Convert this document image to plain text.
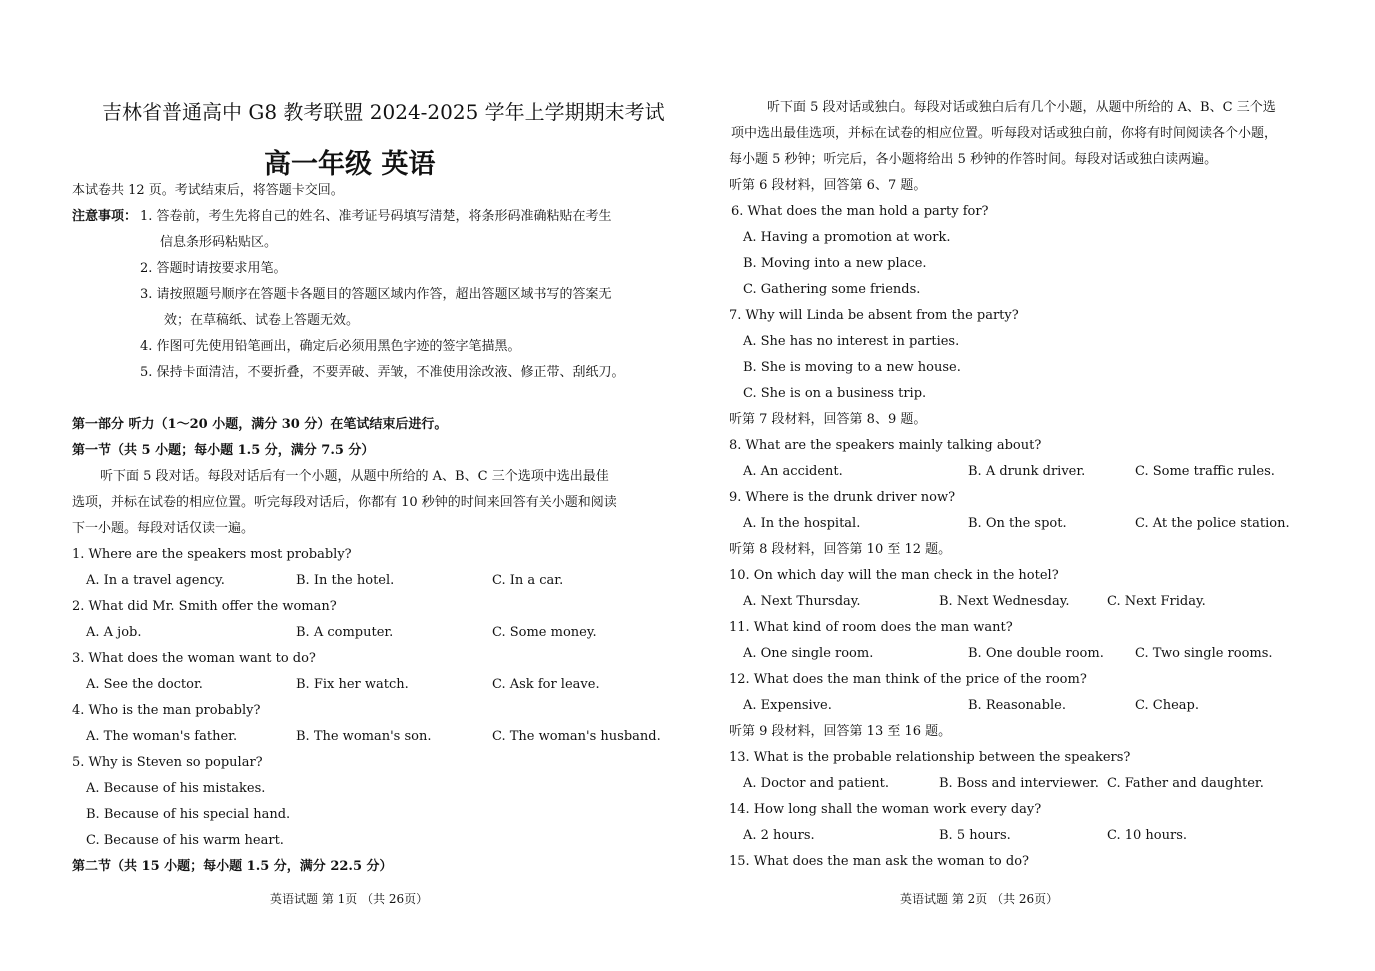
吉林省普通高中 G8 教考联盟 2024-2025 学年上学期期末考试
高一年级 英语
本试卷共 12 页。考试结束后，将答题卡交回。
注意事项： 1. 答卷前，考生先将自己的姓名、准考证号码填写清楚，将条形码准确粘贴在考生
信息条形码粘贴区。
2. 答题时请按要求用笔。
3. 请按照题号顺序在答题卡各题目的答题区域内作答，超出答题区域书写的答案无
效；在草稿纸、试卷上答题无效。
4. 作图可先使用铅笔画出，确定后必须用黑色字迹的签字笔描黑。
5. 保持卡面清洁，不要折叠，不要弄破、弄皱，不准使用涂改液、修正带、刮纸刀。
第一部分 听力（1～20 小题，满分 30 分）在笔试结束后进行。
第一节（共 5 小题；每小题 1.5 分，满分 7.5 分）
听下面 5 段对话。每段对话后有一个小题，从题中所给的 A、B、C 三个选项中选出最佳
选项，并标在试卷的相应位置。听完每段对话后，你都有 10 秒钟的时间来回答有关小题和阅读
下一小题。每段对话仅读一遍。
1. Where are the speakers most probably?
A. In a travel agency.	B. In the hotel.	C. In a car.
2. What did Mr. Smith offer the woman?
A. A job.	B. A computer.	C. Some money.
3. What does the woman want to do?
A. See the doctor.	B. Fix her watch.	C. Ask for leave.
4. Who is the man probably?
A. The woman's father.	B. The woman's son.	C. The woman's husband.
5. Why is Steven so popular?
A. Because of his mistakes.
B. Because of his special hand.
C. Because of his warm heart.
第二节（共 15 小题；每小题 1.5 分，满分 22.5 分）
英语试题 第 1页 （共 26页）
听下面 5 段对话或独白。每段对话或独白后有几个小题，从题中所给的 A、B、C 三个选
项中选出最佳选项，并标在试卷的相应位置。听每段对话或独白前，你将有时间阅读各个小题，
每小题 5 秒钟；听完后，各小题将给出 5 秒钟的作答时间。每段对话或独白读两遍。
听第 6 段材料，回答第 6、7 题。
6. What does the man hold a party for?
A. Having a promotion at work.
B. Moving into a new place.
C. Gathering some friends.
7. Why will Linda be absent from the party?
A. She has no interest in parties.
B. She is moving to a new house.
C. She is on a business trip.
听第 7 段材料，回答第 8、9 题。
8. What are the speakers mainly talking about?
A. An accident.	B. A drunk driver.	C. Some traffic rules.
9. Where is the drunk driver now?
A. In the hospital.	B. On the spot.	C. At the police station.
听第 8 段材料，回答第 10 至 12 题。
10. On which day will the man check in the hotel?
A. Next Thursday.	B. Next Wednesday.	C. Next Friday.
11. What kind of room does the man want?
A. One single room.	B. One double room. C. Two single rooms.
12. What does the man think of the price of the room?
A. Expensive.	B. Reasonable.	C. Cheap.
听第 9 段材料，回答第 13 至 16 题。
13. What is the probable relationship between the speakers?
A. Doctor and patient.	B. Boss and interviewer. C. Father and daughter.
14. How long shall the woman work every day?
A. 2 hours.	B. 5 hours.	C. 10 hours.
15. What does the man ask the woman to do?
英语试题 第 2页 （共 26页）
